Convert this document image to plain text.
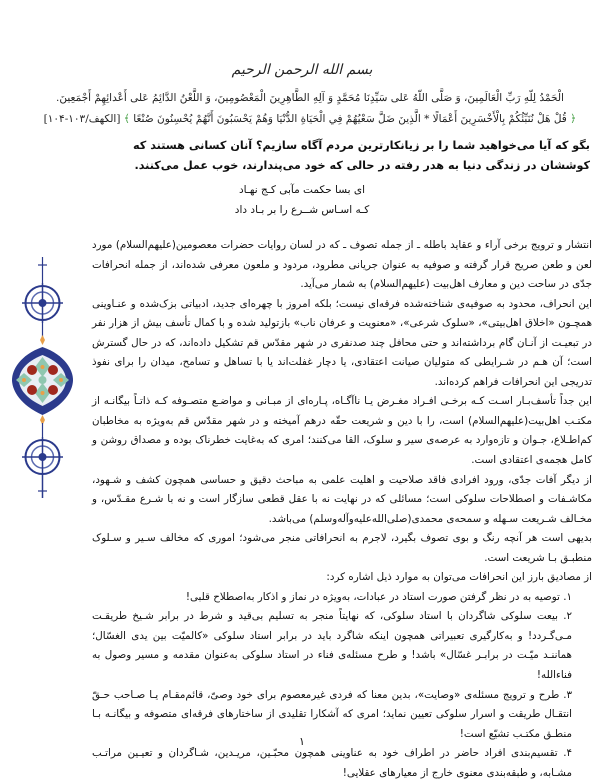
بسم الله الرحمن الرحیم
الْحَمْدُ لِلّهِ رَبِّ الْعَالَمِينَ، وَ صَلَّى اللّهُ عَلى سَيِّدِنَا مُحَمَّدٍ وَ آلِهِ الطَّاهِرِينَ الْمَعْصُومِينَ، وَ اللَّعْنُ الدَّائِمُ عَلى أَعْدائِهِمْ أَجْمَعِينَ.
﴿ قُلْ هَلْ نُنَبِّئُكُمْ بِالْأَخْسَرِينَ أَعْمَالًا * الَّذِينَ ضَلَّ سَعْيُهُمْ فِي الْحَيَاةِ الدُّنْيَا وَهُمْ يَحْسَبُونَ أَنَّهُمْ يُحْسِنُونَ صُنْعًا ﴾ [الکهف/۱۰۳-۱۰۴]
بگو که آیا می‌خواهید شما را بر زیانکارترین مردم آگاه سازیم؟ آنان کسانی هستند که کوششان در زندگی دنیا به هدر رفته در حالی که خود می‌پندارند، خوب عمل می‌کنند.
ای بسا حکمت مآبی کـج نهـاد
کـه اسـاس شــرع را بر بـاد داد

انتشار و ترویج برخی آراء و عقاید باطله ـ از جمله تصوف ـ که در لسان روایات حضرات معصومین(علیهم‌السلام) مورد لعن و طعن صریح قرار گرفته و صوفیه به عنوان جریانی مطرود، مردود و ملعون معرفی شده‌اند، از جمله انحرافات جدّی در ساحت دین و معارف اهل‌بیت (علیهم‌السلام) به شمار می‌آید.

این انحراف، محدود به صوفیه‌ی شناخته‌شده فرقه‌ای نیست؛ بلکه امروز با چهره‌ای جدید، ادبیاتی بزک‌شده و عنـاوینی همچـون «اخلاق اهل‌بیتی»، «سلوک شرعی»، «معنویت و عرفان ناب» بازتولید شده و با کمال تأسف بیش از هزار نفر در تبعیـت از آنـان گام برداشته‌اند و حتی محافل چند صدنفری در شهر مقدّس قم تشکیل داده‌اند، که در حال گسترش است؛ آن هـم در شـرایطی که متولیان صیانت اعتقادی، یا دچار غفلت‌اند یا با تساهل و تسامح، میدان را برای نفوذ تدریجی این انحرافات فراهم کرده‌اند.

این جداً تأسف‌بـار اسـت کـه برخـی افـراد مغـرض یـا ناآگـاه، پـاره‌ای از مبـانی و مواضـع متصـوفه کـه ذاتـاً بیگانـه از مکتـب اهل‌بیت(علیهم‌السلام) است، را با دین و شریعت حقّه درهم آمیخته و در شهر مقدّس قم به‌ویژه به مخاطبان کم‌اطـلاع، جـوان و تازه‌وارد به عرصه‌ی سیر و سلوک، القا می‌کنند؛ امری که به‌غایت خطرناک بوده و مصداق روشن و کامل هجمه‌ی اعتقادی است.

از دیگر آفات جدّی، ورود افرادی فاقد صلاحیت و اهلیت علمی به مباحث دقیق و حساسی همچون کشف و شـهود، مکاشـفات و اصطلاحات سلوکی است؛ مسائلی که در نهایت نه با عقل قطعی سازگار است و نه با شـرع مقـدّس، و مخـالف شـریعت سـهله و سمحه‌ی محمدی(صلی‌الله‌علیه‌وآله‌وسلم) می‌باشد.

بدیهی است هر آنچه رنگ و بوی تصوف بگیرد، لاجرم به انحرافاتی منجر می‌شود؛ اموری که مخالف سـیر و سـلوک منطبـق بـا شریعت است.

از مصادیق بارز این انحرافات می‌توان به موارد ذیل اشاره کرد:

۱. توصیه به در نظر گرفتن صورت استاد در عبادات، به‌ویژه در نماز و اذکار به‌اصطلاح قلبی!

۲. بیعت سلوکی شاگردان با استاد سلوکی، که نهایتاً منجر به تسلیم بی‌قید و شرط در برابر شـیخ طریقـت مـی‌گـردد! و به‌کارگیری تعبیراتی همچون اینکه شاگرد باید در برابر استاد سلوکی «کالمیّت بین یدی الغسّال؛ هماننـد میّـت در برابـر غسّال» باشد! و طرح مسئله‌ی فناء در استاد سلوکی به‌عنوان مقدمه و مسیر وصول به فناءالله!

۳. طرح و ترویج مسئله‌ی «وصایت»، بدین معنا که فردی غیرمعصوم برای خود وصیّ، قائم‌مقـام یـا صـاحب حـقّ انتقـال طریقت و اسرار سلوکی تعیین نماید؛ امری که آشکارا تقلیدی از ساختارهای فرقه‌ای متصوفه و بیگانـه بـا منطـق مکتـب تشیّع است!

۴. تقسیم‌بندی افراد حاضر در اطراف خود به عناوینی همچون محبّـین، مریـدین، شـاگردان و تعیـین مراتـب مشـابه، و طبقه‌بندی معنوی خارج از معیارهای عقلایی!

۱
